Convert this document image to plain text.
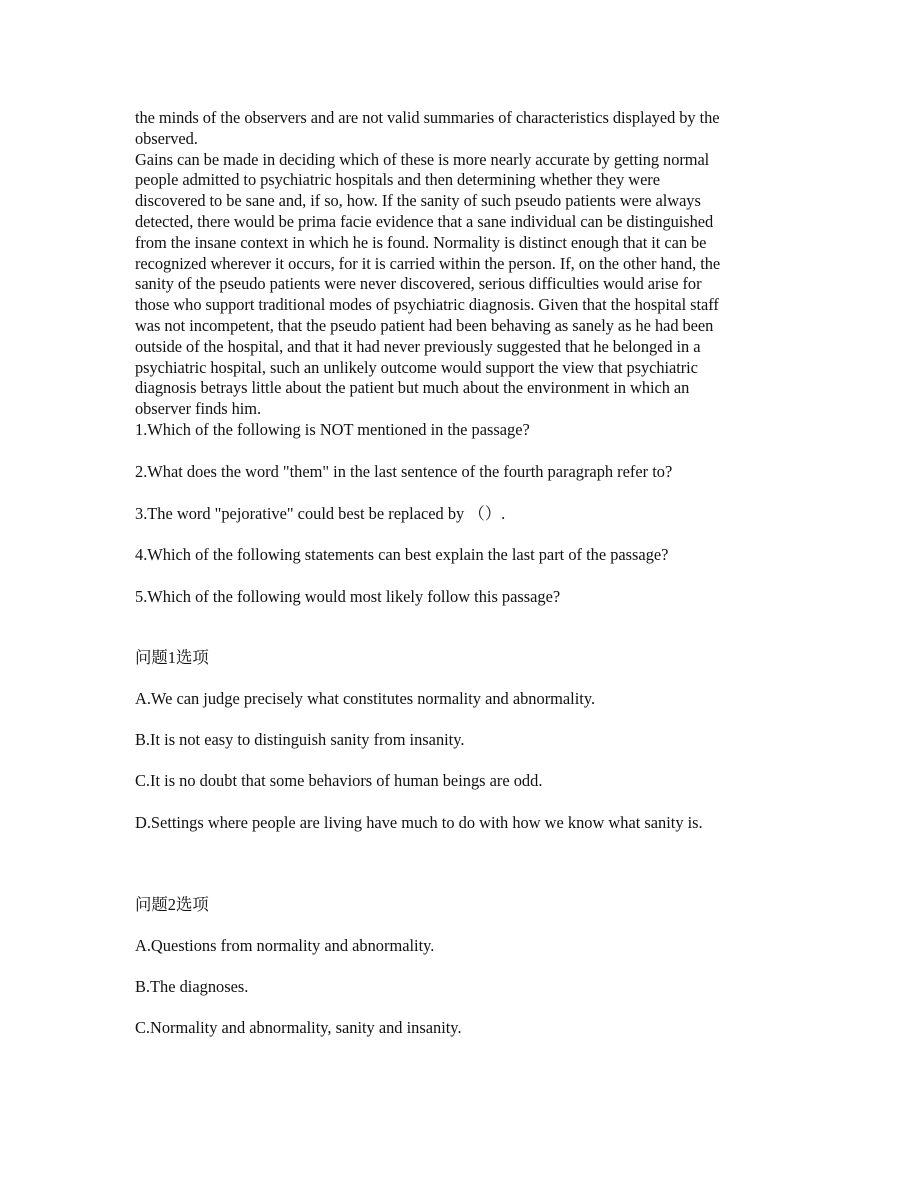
the minds of the observers and are not valid summaries of characteristics displayed by the
observed.

Gains can be made in deciding which of these is more nearly accurate by getting normal
people admitted to psychiatric hospitals and then determining whether they were
discovered to be sane and, if so, how. If the sanity of such pseudo patients were always
detected, there would be prima facie evidence that a sane individual can be distinguished
from the insane context in which he is found. Normality is distinct enough that it can be
recognized wherever it occurs, for it is carried within the person. If, on the other hand, the
sanity of the pseudo patients were never discovered, serious difficulties would arise for
those who support traditional modes of psychiatric diagnosis. Given that the hospital staff
was not incompetent, that the pseudo patient had been behaving as sanely as he had been
outside of the hospital, and that it had never previously suggested that he belonged in a
psychiatric hospital, such an unlikely outcome would support the view that psychiatric
diagnosis betrays little about the patient but much about the environment in which an
observer finds him.

1.Which of the following is NOT mentioned in the passage?

2.What does the word "them" in the last sentence of the fourth paragraph refer to?

3.The word "pejorative" could best be replaced by （）.

4.Which of the following statements can best explain the last part of the passage?

5.Which of the following would most likely follow this passage?

问题1选项

A.We can judge precisely what constitutes normality and abnormality.

B.It is not easy to distinguish sanity from insanity.

C.It is no doubt that some behaviors of human beings are odd.

D.Settings where people are living have much to do with how we know what sanity is.

问题2选项

A.Questions from normality and abnormality.

B.The diagnoses.

C.Normality and abnormality, sanity and insanity.
